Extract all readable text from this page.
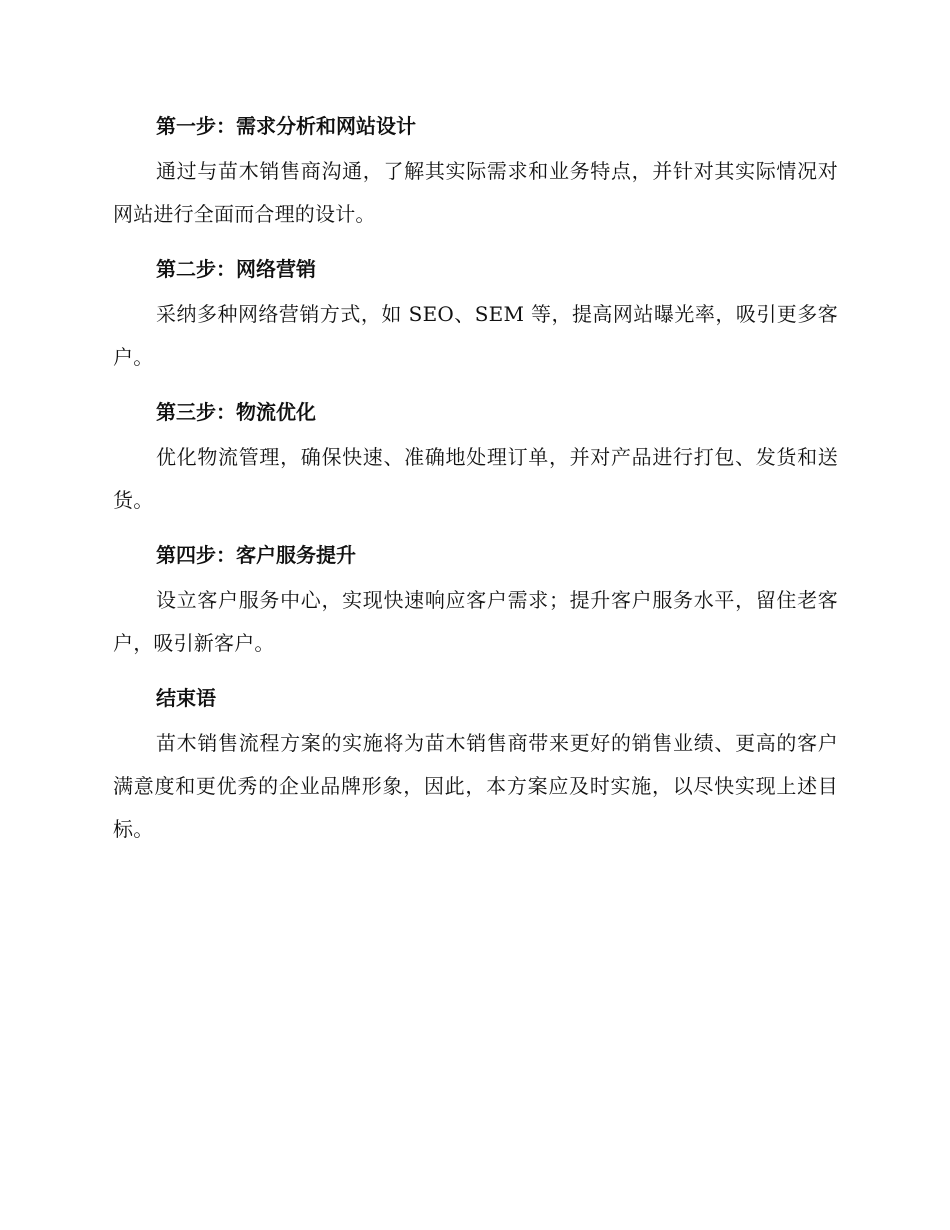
第一步：需求分析和网站设计

通过与苗木销售商沟通，了解其实际需求和业务特点，并针对其实际情况对网站进行全面而合理的设计。

第二步：网络营销

采纳多种网络营销方式，如 SEO、SEM 等，提高网站曝光率，吸引更多客户。

第三步：物流优化

优化物流管理，确保快速、准确地处理订单，并对产品进行打包、发货和送货。

第四步：客户服务提升

设立客户服务中心，实现快速响应客户需求；提升客户服务水平，留住老客户，吸引新客户。

结束语

苗木销售流程方案的实施将为苗木销售商带来更好的销售业绩、更高的客户满意度和更优秀的企业品牌形象，因此，本方案应及时实施，以尽快实现上述目标。
